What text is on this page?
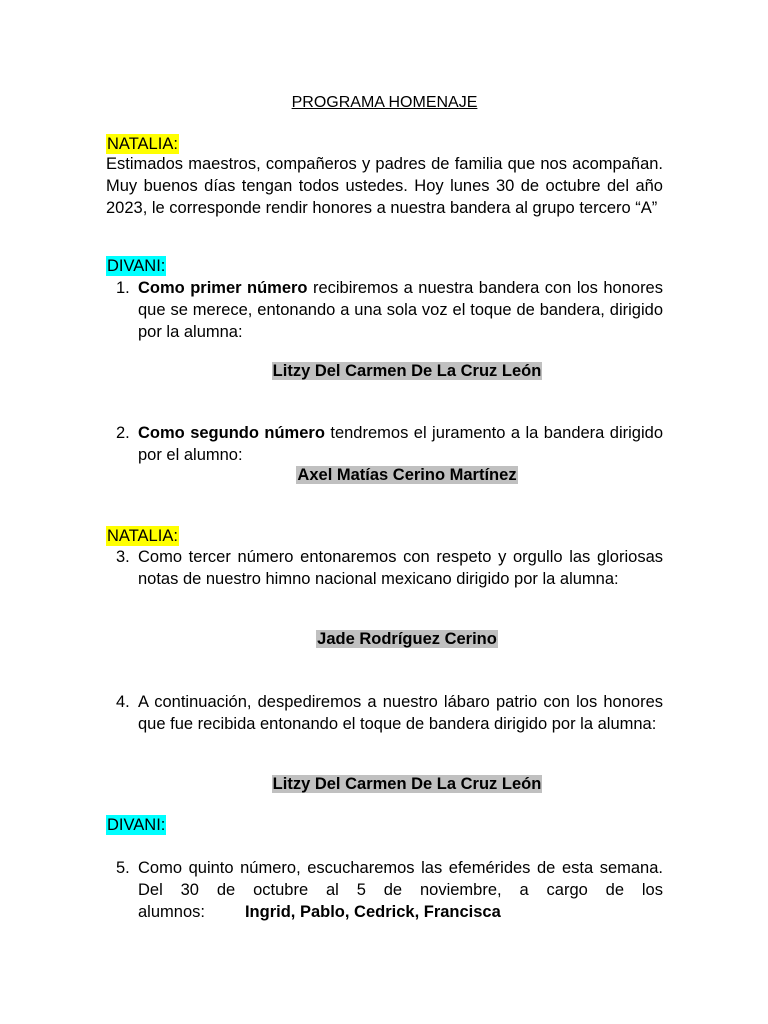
PROGRAMA HOMENAJE
NATALIA:
Estimados maestros, compañeros y padres de familia que nos acompañan. Muy buenos días tengan todos ustedes. Hoy lunes 30 de octubre del año 2023, le corresponde rendir honores a nuestra bandera al grupo tercero “A”
DIVANI:
1. Como primer número recibiremos a nuestra bandera con los honores que se merece, entonando a una sola voz el toque de bandera, dirigido por la alumna:
Litzy Del Carmen De La Cruz León
2. Como segundo número tendremos el juramento a la bandera dirigido por el alumno:
Axel Matías Cerino Martínez
NATALIA:
3. Como tercer número entonaremos con respeto y orgullo las gloriosas notas de nuestro himno nacional mexicano dirigido por la alumna:
Jade Rodríguez Cerino
4. A continuación, despediremos a nuestro lábaro patrio con los honores que fue recibida entonando el toque de bandera dirigido por la alumna:
Litzy Del Carmen De La Cruz León
DIVANI:
5. Como quinto número, escucharemos las efemérides de esta semana. Del 30 de octubre al 5 de noviembre, a cargo de los alumnos: Ingrid, Pablo, Cedrick, Francisca
